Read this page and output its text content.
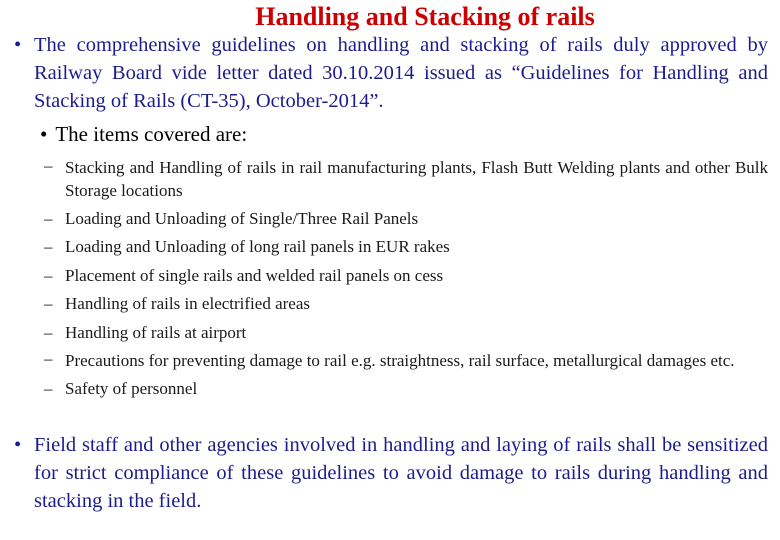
Handling and Stacking of rails
• The comprehensive guidelines on handling and stacking of rails duly approved by Railway Board vide letter dated 30.10.2014 issued as “Guidelines for Handling and Stacking of Rails (CT-35), October-2014”.
• The items covered are:
– Stacking and Handling of rails in rail manufacturing plants, Flash Butt Welding plants and other Bulk Storage locations
– Loading and Unloading of Single/Three Rail Panels
– Loading and Unloading of long rail panels in EUR rakes
– Placement of single rails and welded rail panels on cess
– Handling of rails in electrified areas
– Handling of rails at airport
– Precautions for preventing damage to rail e.g. straightness, rail surface, metallurgical damages etc.
– Safety of personnel
• Field staff and other agencies involved in handling and laying of rails shall be sensitized for strict compliance of these guidelines to avoid damage to rails during handling and stacking in the field.
